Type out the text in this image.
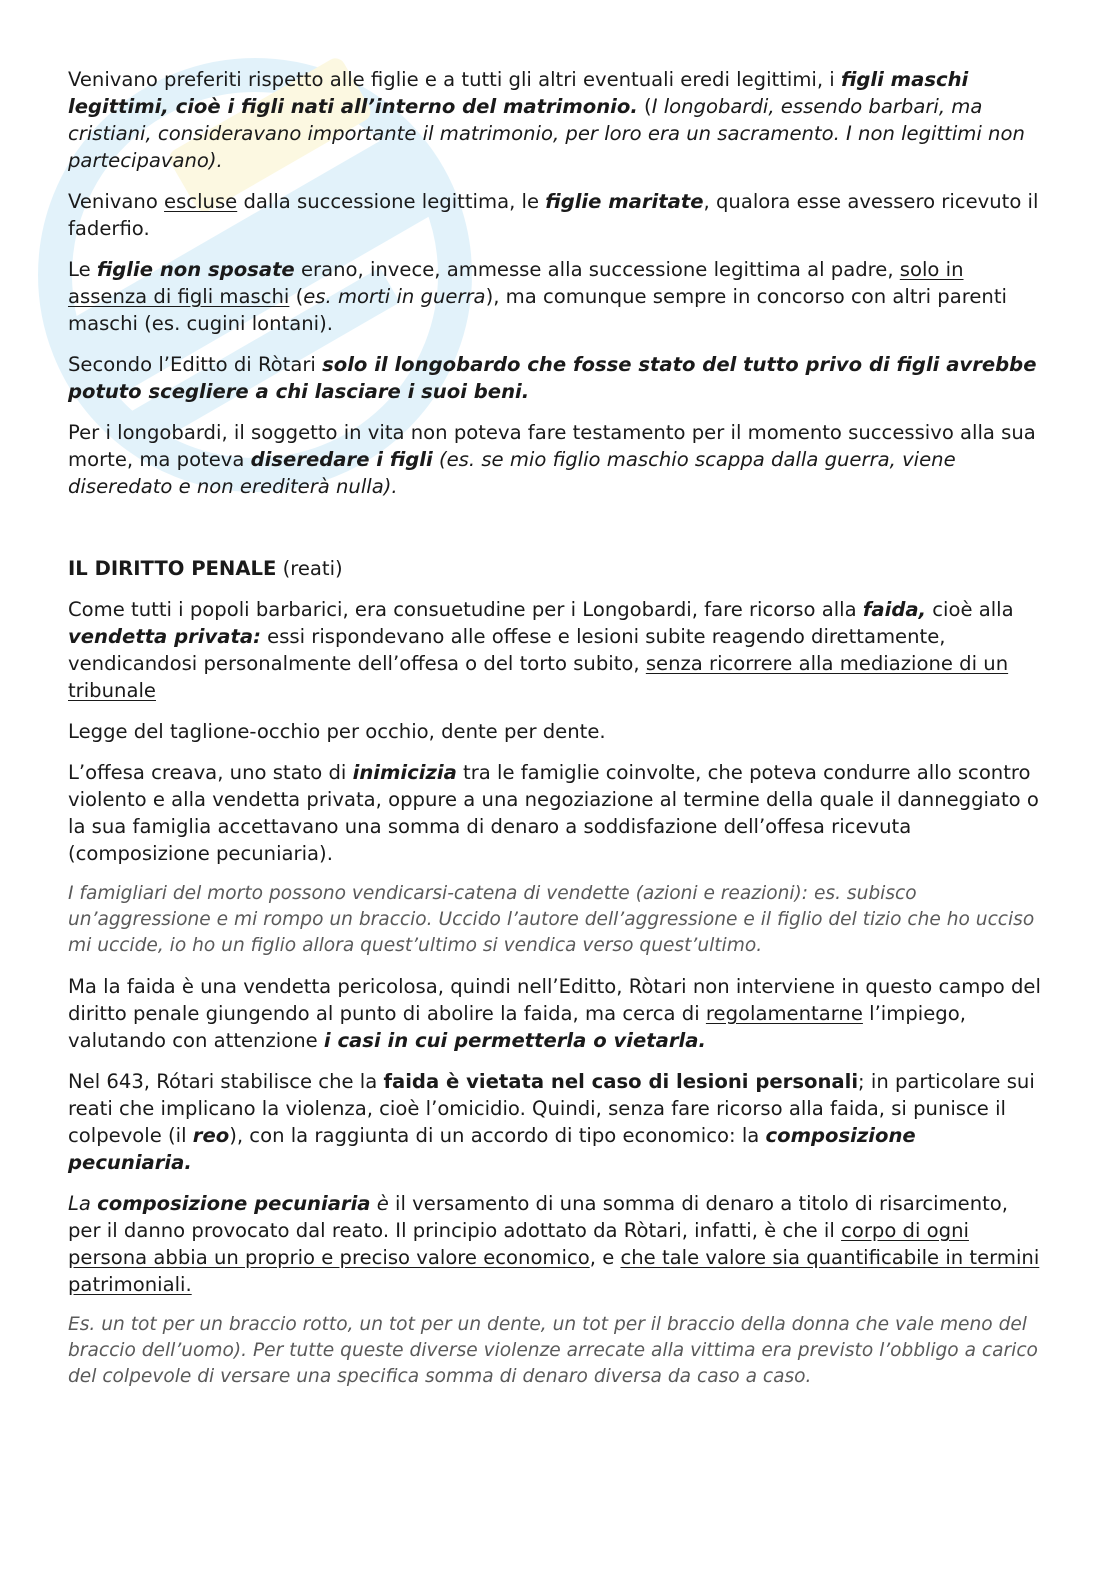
Venivano preferiti rispetto alle figlie e a tutti gli altri eventuali eredi legittimi, i figli maschi legittimi, cioè i figli nati all’interno del matrimonio. (I longobardi, essendo barbari, ma cristiani, consideravano importante il matrimonio, per loro era un sacramento. I non legittimi non partecipavano).

Venivano escluse dalla successione legittima, le figlie maritate, qualora esse avessero ricevuto il faderfio.

Le figlie non sposate erano, invece, ammesse alla successione legittima al padre, solo in assenza di figli maschi (es. morti in guerra), ma comunque sempre in concorso con altri parenti maschi (es. cugini lontani).

Secondo l’Editto di Ròtari solo il longobardo che fosse stato del tutto privo di figli avrebbe potuto scegliere a chi lasciare i suoi beni.

Per i longobardi, il soggetto in vita non poteva fare testamento per il momento successivo alla sua morte, ma poteva diseredare i figli (es. se mio figlio maschio scappa dalla guerra, viene diseredato e non erediterà nulla).

IL DIRITTO PENALE (reati)

Come tutti i popoli barbarici, era consuetudine per i Longobardi, fare ricorso alla faida, cioè alla vendetta privata: essi rispondevano alle offese e lesioni subite reagendo direttamente, vendicandosi personalmente dell’offesa o del torto subito, senza ricorrere alla mediazione di un tribunale

Legge del taglione-occhio per occhio, dente per dente.

L’offesa creava, uno stato di inimicizia tra le famiglie coinvolte, che poteva condurre allo scontro violento e alla vendetta privata, oppure a una negoziazione al termine della quale il danneggiato o la sua famiglia accettavano una somma di denaro a soddisfazione dell’offesa ricevuta (composizione pecuniaria).

I famigliari del morto possono vendicarsi-catena di vendette (azioni e reazioni): es. subisco un’aggressione e mi rompo un braccio. Uccido l’autore dell’aggressione e il figlio del tizio che ho ucciso mi uccide, io ho un figlio allora quest’ultimo si vendica verso quest’ultimo.

Ma la faida è una vendetta pericolosa, quindi nell’Editto, Ròtari non interviene in questo campo del diritto penale giungendo al punto di abolire la faida, ma cerca di regolamentarne l’impiego, valutando con attenzione i casi in cui permetterla o vietarla.

Nel 643, Rótari stabilisce che la faida è vietata nel caso di lesioni personali; in particolare sui reati che implicano la violenza, cioè l’omicidio. Quindi, senza fare ricorso alla faida, si punisce il colpevole (il reo), con la raggiunta di un accordo di tipo economico: la composizione pecuniaria.

La composizione pecuniaria è il versamento di una somma di denaro a titolo di risarcimento, per il danno provocato dal reato. Il principio adottato da Ròtari, infatti, è che il corpo di ogni persona abbia un proprio e preciso valore economico, e che tale valore sia quantificabile in termini patrimoniali.

Es. un tot per un braccio rotto, un tot per un dente, un tot per il braccio della donna che vale meno del braccio dell’uomo). Per tutte queste diverse violenze arrecate alla vittima era previsto l’obbligo a carico del colpevole di versare una specifica somma di denaro diversa da caso a caso.
